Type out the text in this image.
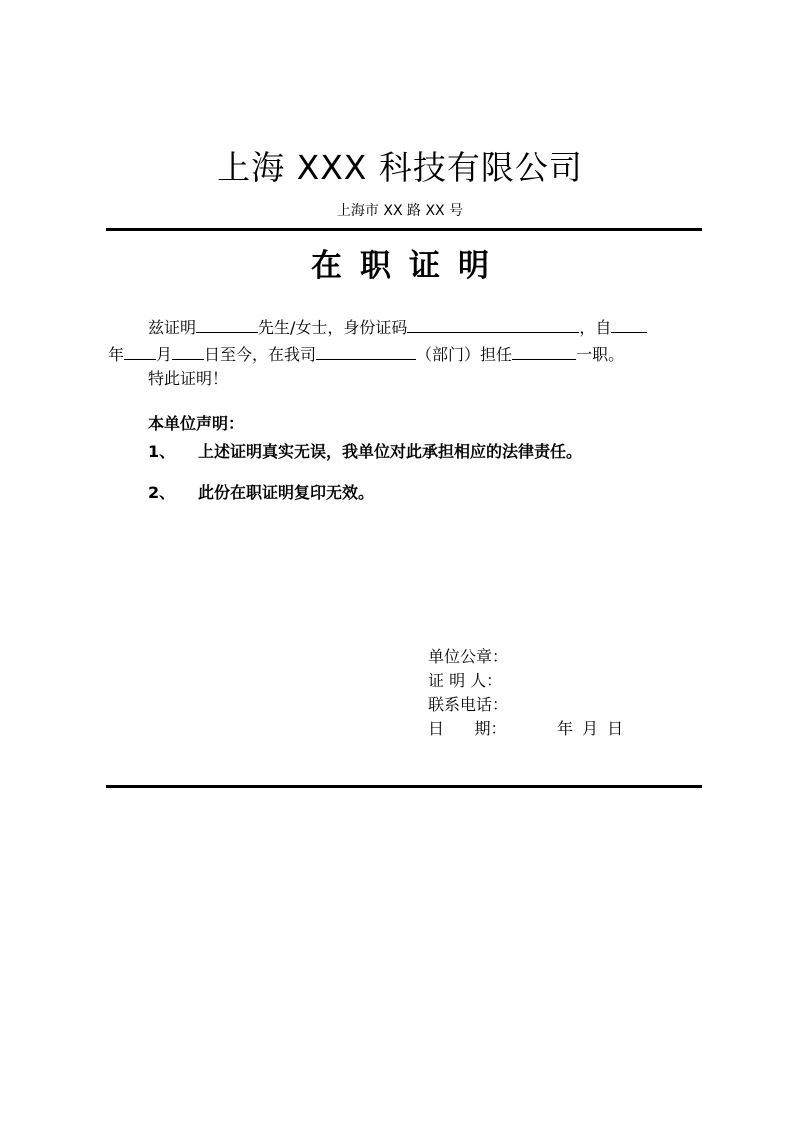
上海 XXX 科技有限公司
上海市 XX 路 XX 号
在职证明
兹证明	先生/女士，身份证码	，自
年 月 日至今，在我司	（部门）担任	一职。
特此证明！
本单位声明：
1、 上述证明真实无误，我单位对此承担相应的法律责任。
2、 此份在职证明复印无效。
单位公章：
证 明 人：
联系电话：
日      期：	年 月 日
